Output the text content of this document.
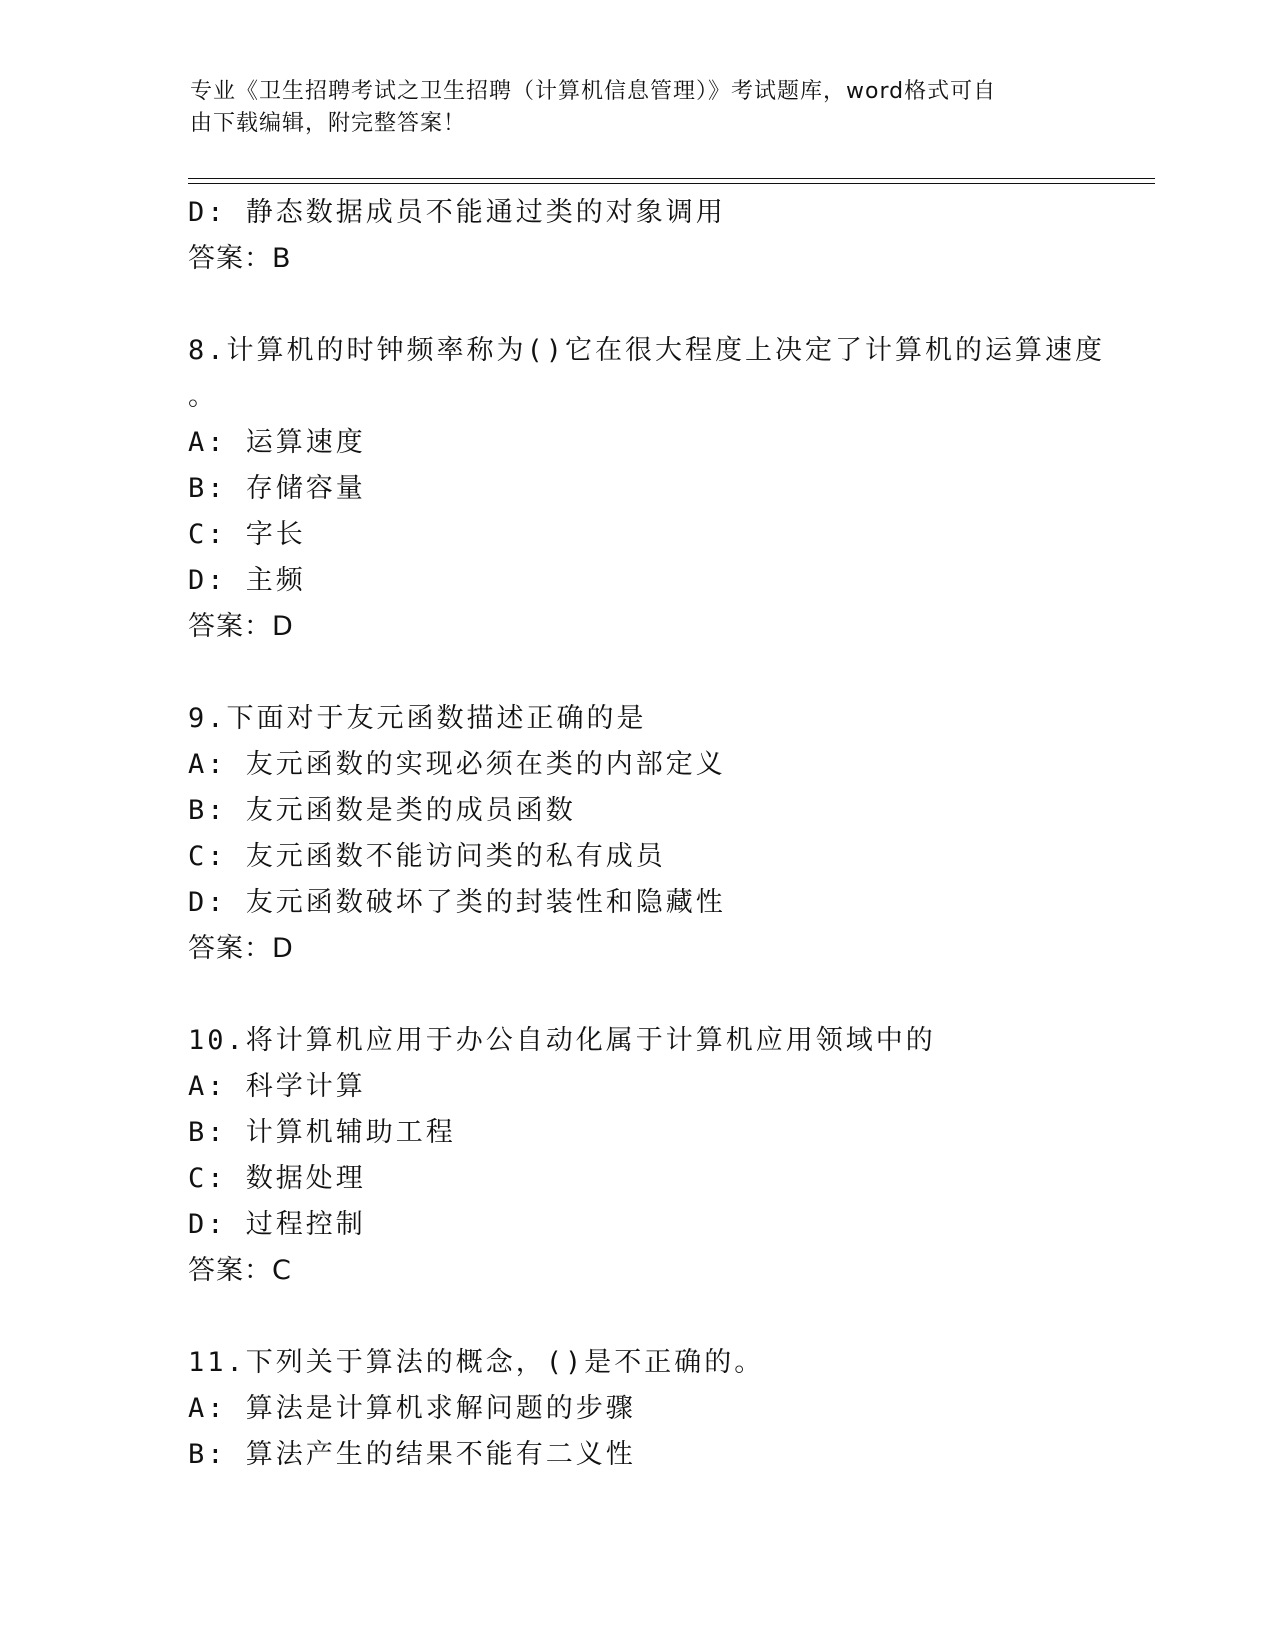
专业《卫生招聘考试之卫生招聘（计算机信息管理）》考试题库，word格式可自
由下载编辑，附完整答案！
D: 静态数据成员不能通过类的对象调用
答案：B
8.计算机的时钟频率称为()它在很大程度上决定了计算机的运算速度
。
A: 运算速度
B: 存储容量
C: 字长
D: 主频
答案：D
9.下面对于友元函数描述正确的是
A: 友元函数的实现必须在类的内部定义
B: 友元函数是类的成员函数
C: 友元函数不能访问类的私有成员
D: 友元函数破坏了类的封装性和隐藏性
答案：D
10.将计算机应用于办公自动化属于计算机应用领域中的
A: 科学计算
B: 计算机辅助工程
C: 数据处理
D: 过程控制
答案：C
11.下列关于算法的概念，()是不正确的。
A: 算法是计算机求解问题的步骤
B: 算法产生的结果不能有二义性
